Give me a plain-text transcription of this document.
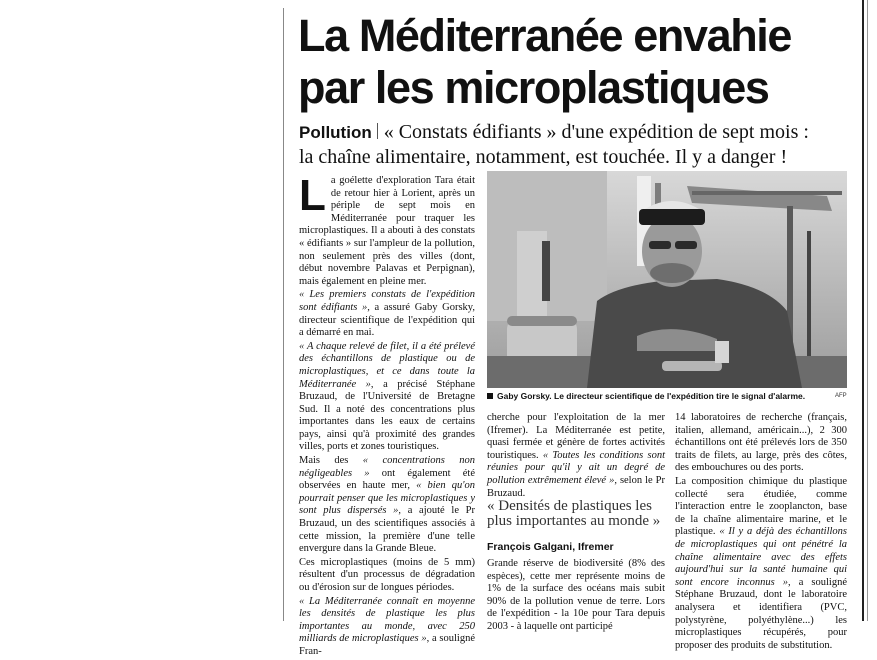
La Méditerranée envahie
par les microplastiques
Pollution « Constats édifiants » d'une expédition de sept mois :
la chaîne alimentaire, notamment, est touchée. Il y a danger !

La goélette d'exploration Tara était de retour hier à Lorient, après un périple de sept mois en Méditerranée pour traquer les microplastiques. Il a abouti à des constats « édifiants » sur l'ampleur de la pollution, non seulement près des villes (dont, début novembre Palavas et Perpignan), mais également en pleine mer.

« Les premiers constats de l'expédition sont édifiants », a assuré Gaby Gorsky, directeur scientifique de l'expédition qui a démarré en mai.

« A chaque relevé de filet, il a été prélevé des échantillons de plastique ou de microplastiques, et ce dans toute la Méditerranée », a précisé Stéphane Bruzaud, de l'Université de Bretagne Sud. Il a noté des concentrations plus importantes dans les eaux de certains pays, ainsi qu'à proximité des grandes villes, ports et zones touristiques.

Mais des « concentrations non négligeables » ont également été observées en haute mer, « bien qu'on pourrait penser que les microplastiques y sont plus dispersés », a ajouté le Pr Bruzaud, un des scientifiques associés à cette mission, la première d'une telle envergure dans la Grande Bleue.

Ces microplastiques (moins de 5 mm) résultent d'un processus de dégradation ou d'érosion sur de longues périodes.

« La Méditerranée connaît en moyenne les densités de plastique les plus importantes au monde, avec 250 milliards de microplastiques », a souligné Fran-

Gaby Gorsky. Le directeur scientifique de l'expédition tire le signal d'alarme.	AFP

cherche pour l'exploitation de la mer (Ifremer). La Méditerranée est petite, quasi fermée et génère de fortes activités touristiques. « Toutes les conditions sont réunies pour qu'il y ait un degré de pollution extrêmement élevé », selon le Pr Bruzaud.

« Densités de plastiques les plus importantes au monde »
François Galgani, Ifremer

Grande réserve de biodiversité (8% des espèces), cette mer représente moins de 1% de la surface des océans mais subit 90% de la pollution venue de terre. Lors de l'expédition - la 10e pour Tara depuis 2003 - à laquelle ont participé

14 laboratoires de recherche (français, italien, allemand, américain...), 2 300 échantillons ont été prélevés lors de 350 traits de filets, au large, près des côtes, des embouchures ou des ports.

La composition chimique du plastique collecté sera étudiée, comme l'interaction entre le zooplancton, base de la chaîne alimentaire marine, et le plastique. « Il y a déjà des échantillons de microplastiques qui ont pénétré la chaîne alimentaire avec des effets aujourd'hui sur la santé humaine qui sont encore inconnus », a souligné Stéphane Bruzaud, dont le laboratoire analysera et identifiera (PVC, polystyrène, polyéthylène...) les microplastiques récupérés, pour proposer des produits de substitution.
